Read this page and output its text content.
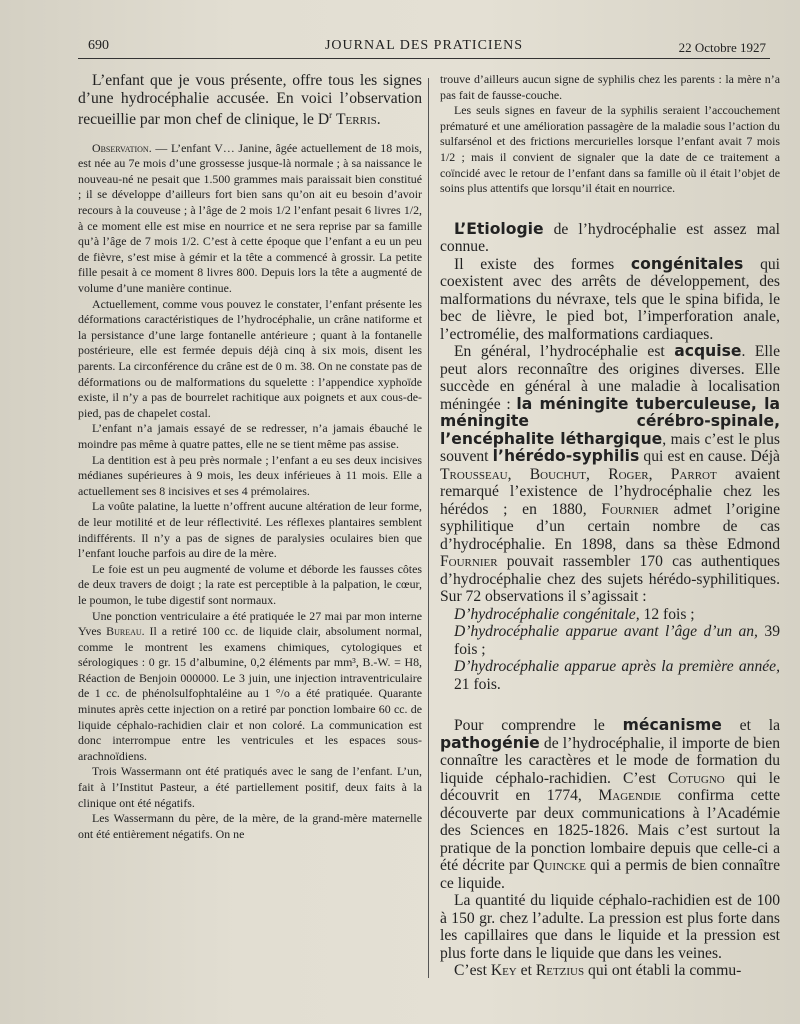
690	JOURNAL DES PRATICIENS	22 Octobre 1927

L’enfant que je vous présente, offre tous les signes d’une hydrocéphalie accusée. En voici l’observation recueillie par mon chef de clinique, le $D^r$ Terris.

Observation. — L’enfant V… Janine, âgée actuellement de 18 mois, est née au 7e mois d’une grossesse jusque-là normale ; à sa naissance le nouveau-né ne pesait que 1.500 grammes mais paraissait bien constitué ; il se développe d’ailleurs fort bien sans qu’on ait eu besoin d’avoir recours à la couveuse ; à l’âge de 2 mois 1/2 l’enfant pesait 6 livres 1/2, à ce moment elle est mise en nourrice et ne sera reprise par sa famille qu’à l’âge de 7 mois 1/2. C’est à cette époque que l’enfant a eu un peu de fièvre, s’est mise à gémir et la tête a commencé à grossir. La petite fille pesait à ce moment 8 livres 800. Depuis lors la tête a augmenté de volume d’une manière continue.

Actuellement, comme vous pouvez le constater, l’enfant présente les déformations caractéristiques de l’hydrocéphalie, un crâne natiforme et la persistance d’une large fontanelle antérieure ; quant à la fontanelle postérieure, elle est fermée depuis déjà cinq à six mois, disent les parents. La circonférence du crâne est de 0 m. 38. On ne constate pas de déformations ou de malformations du squelette : l’appendice xyphoïde existe, il n’y a pas de bourrelet rachitique aux poignets et aux cous-de-pied, pas de chapelet costal.

L’enfant n’a jamais essayé de se redresser, n’a jamais ébauché le moindre pas même à quatre pattes, elle ne se tient même pas assise.

La dentition est à peu près normale ; l’enfant a eu ses deux incisives médianes supérieures à 9 mois, les deux inférieues à 11 mois. Elle a actuellement ses 8 incisives et ses 4 prémolaires.

La voûte palatine, la luette n’offrent aucune altération de leur forme, de leur motilité et de leur réflectivité. Les réflexes plantaires semblent indifférents. Il n’y a pas de signes de paralysies oculaires bien que l’enfant louche parfois au dire de la mère.

Le foie est un peu augmenté de volume et déborde les fausses côtes de deux travers de doigt ; la rate est perceptible à la palpation, le cœur, le poumon, le tube digestif sont normaux.

Une ponction ventriculaire a été pratiquée le 27 mai par mon interne Yves Bureau. Il a retiré 100 cc. de liquide clair, absolument normal, comme le montrent les examens chimiques, cytologiques et sérologiques : 0 gr. 15 d’albumine, 0,2 éléments par mm³, B.-W. = H8, Réaction de Benjoin 000000. Le 3 juin, une injection intraventriculaire de 1 cc. de phénolsulfophtaléine au 1 °/o a été pratiquée. Quarante minutes après cette injection on a retiré par ponction lombaire 60 cc. de liquide céphalo-rachidien clair et non coloré. La communication est donc interrompue entre les ventricules et les espaces sous-arachnoïdiens.

Trois Wassermann ont été pratiqués avec le sang de l’enfant. L’un, fait à l’Institut Pasteur, a été partiellement positif, deux faits à la clinique ont été négatifs.

Les Wassermann du père, de la mère, de la grand-mère maternelle ont été entièrement négatifs. On ne

trouve d’ailleurs aucun signe de syphilis chez les parents : la mère n’a pas fait de fausse-couche.

Les seuls signes en faveur de la syphilis seraient l’accouchement prématuré et une amélioration passagère de la maladie sous l’action du sulfarsénol et des frictions mercurielles lorsque l’enfant avait 7 mois 1/2 ; mais il convient de signaler que la date de ce traitement a coïncidé avec le retour de l’enfant dans sa famille où il était l’objet de soins plus attentifs que lorsqu’il était en nourrice.

L’Etiologie de l’hydrocéphalie est assez mal connue.

Il existe des formes congénitales qui coexistent avec des arrêts de développement, des malformations du névraxe, tels que le spina bifida, le bec de lièvre, le pied bot, l’imperforation anale, l’ectromélie, des malformations cardiaques.

En général, l’hydrocéphalie est acquise. Elle peut alors reconnaître des origines diverses. Elle succède en général à une maladie à localisation méningée : la méningite tuberculeuse, la méningite cérébro-spinale, l’encéphalite léthargique, mais c’est le plus souvent l’hérédo-syphilis qui est en cause. Déjà Trousseau, Bouchut, Roger, Parrot avaient remarqué l’existence de l’hydrocéphalie chez les hérédos ; en 1880, Fournier admet l’origine syphilitique d’un certain nombre de cas d’hydrocéphalie. En 1898, dans sa thèse Edmond Fournier pouvait rassembler 170 cas authentiques d’hydrocéphalie chez des sujets hérédo-syphilitiques. Sur 72 observations il s’agissait :

D’hydrocéphalie congénitale, 12 fois ;

D’hydrocéphalie apparue avant l’âge d’un an, 39 fois ;

D’hydrocéphalie apparue après la première année, 21 fois.

Pour comprendre le mécanisme et la pathogénie de l’hydrocéphalie, il importe de bien connaître les caractères et le mode de formation du liquide céphalo-rachidien. C’est Cotugno qui le découvrit en 1774, Magendie confirma cette découverte par deux communications à l’Académie des Sciences en 1825-1826. Mais c’est surtout la pratique de la ponction lombaire depuis que celle-ci a été décrite par Quincke qui a permis de bien connaître ce liquide.

La quantité du liquide céphalo-rachidien est de 100 à 150 gr. chez l’adulte. La pression est plus forte dans les capillaires que dans le liquide et la pression est plus forte dans le liquide que dans les veines.

C’est Key et Retzius qui ont établi la commu-
